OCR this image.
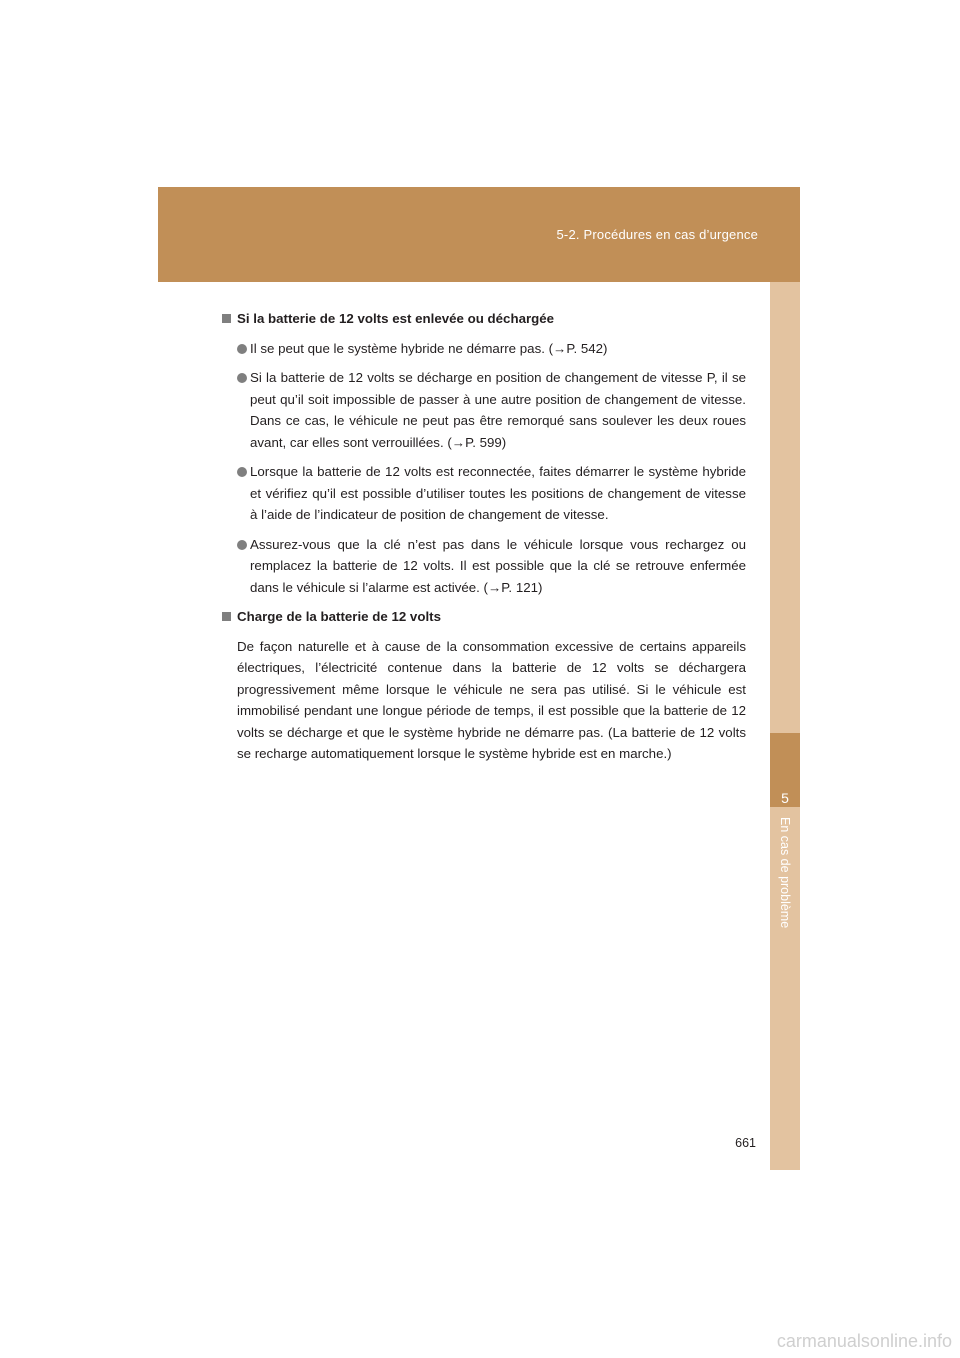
5-2. Procédures en cas d’urgence
5
En cas de problème
Si la batterie de 12 volts est enlevée ou déchargée
Il se peut que le système hybride ne démarre pas. (→P. 542)
Si la batterie de 12 volts se décharge en position de changement de vitesse P, il se peut qu’il soit impossible de passer à une autre position de changement de vitesse. Dans ce cas, le véhicule ne peut pas être remorqué sans soulever les deux roues avant, car elles sont verrouillées. (→P. 599)
Lorsque la batterie de 12 volts est reconnectée, faites démarrer le système hybride et vérifiez qu’il est possible d’utiliser toutes les positions de changement de vitesse à l’aide de l’indicateur de position de changement de vitesse.
Assurez-vous que la clé n’est pas dans le véhicule lorsque vous rechargez ou remplacez la batterie de 12 volts. Il est possible que la clé se retrouve enfermée dans le véhicule si l’alarme est activée. (→P. 121)
Charge de la batterie de 12 volts
De façon naturelle et à cause de la consommation excessive de certains appareils électriques, l’électricité contenue dans la batterie de 12 volts se déchargera progressivement même lorsque le véhicule ne sera pas utilisé. Si le véhicule est immobilisé pendant une longue période de temps, il est possible que la batterie de 12 volts se décharge et que le système hybride ne démarre pas. (La batterie de 12 volts se recharge automatiquement lorsque le système hybride est en marche.)
661
carmanualsonline.info
